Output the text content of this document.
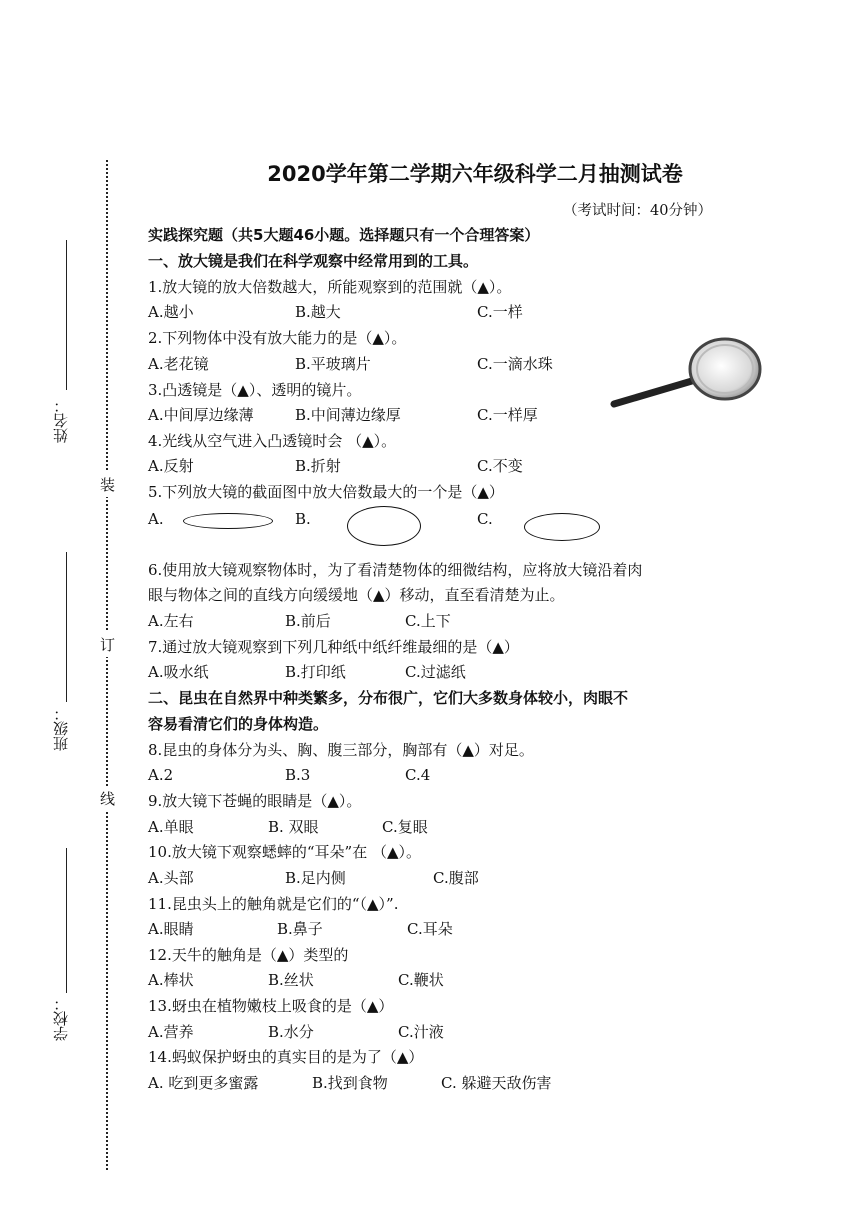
装
订
线
姓名：
班级：
学校：
2020学年第二学期六年级科学二月抽测试卷
（考试时间：40分钟）
实践探究题（共5大题46小题。选择题只有一个合理答案）
一、放大镜是我们在科学观察中经常用到的工具。
1.放大镜的放大倍数越大，所能观察到的范围就（▲）。
A.越小	B.越大	C.一样
2.下列物体中没有放大能力的是（▲）。
A.老花镜	B.平玻璃片	C.一滴水珠
3.凸透镜是（▲）、透明的镜片。
A.中间厚边缘薄	B.中间薄边缘厚	C.一样厚
4.光线从空气进入凸透镜时会 （▲）。
A.反射	B.折射	C.不变
5.下列放大镜的截面图中放大倍数最大的一个是（▲）
A.	B.	C.
6.使用放大镜观察物体时，为了看清楚物体的细微结构，应将放大镜沿着肉
眼与物体之间的直线方向缓缓地（▲）移动，直至看清楚为止。
A.左右	B.前后	C.上下
7.通过放大镜观察到下列几种纸中纸纤维最细的是（▲）
A.吸水纸	B.打印纸	C.过滤纸
二、昆虫在自然界中种类繁多，分布很广，它们大多数身体较小，肉眼不
容易看清它们的身体构造。
8.昆虫的身体分为头、胸、腹三部分，胸部有（▲）对足。
A.2	B.3	C.4
9.放大镜下苍蝇的眼睛是（▲）。
A.单眼	B. 双眼	C.复眼
10.放大镜下观察蟋蟀的“耳朵”在 （▲）。
A.头部	B.足内侧	C.腹部
11.昆虫头上的触角就是它们的“（▲）”.
A.眼睛	B.鼻子	C.耳朵
12.天牛的触角是（▲）类型的
A.棒状	B.丝状	C.鞭状
13.蚜虫在植物嫩枝上吸食的是（▲）
A.营养	B.水分	C.汁液
14.蚂蚁保护蚜虫的真实目的是为了（▲）
A. 吃到更多蜜露	B.找到食物	C. 躲避天敌伤害
